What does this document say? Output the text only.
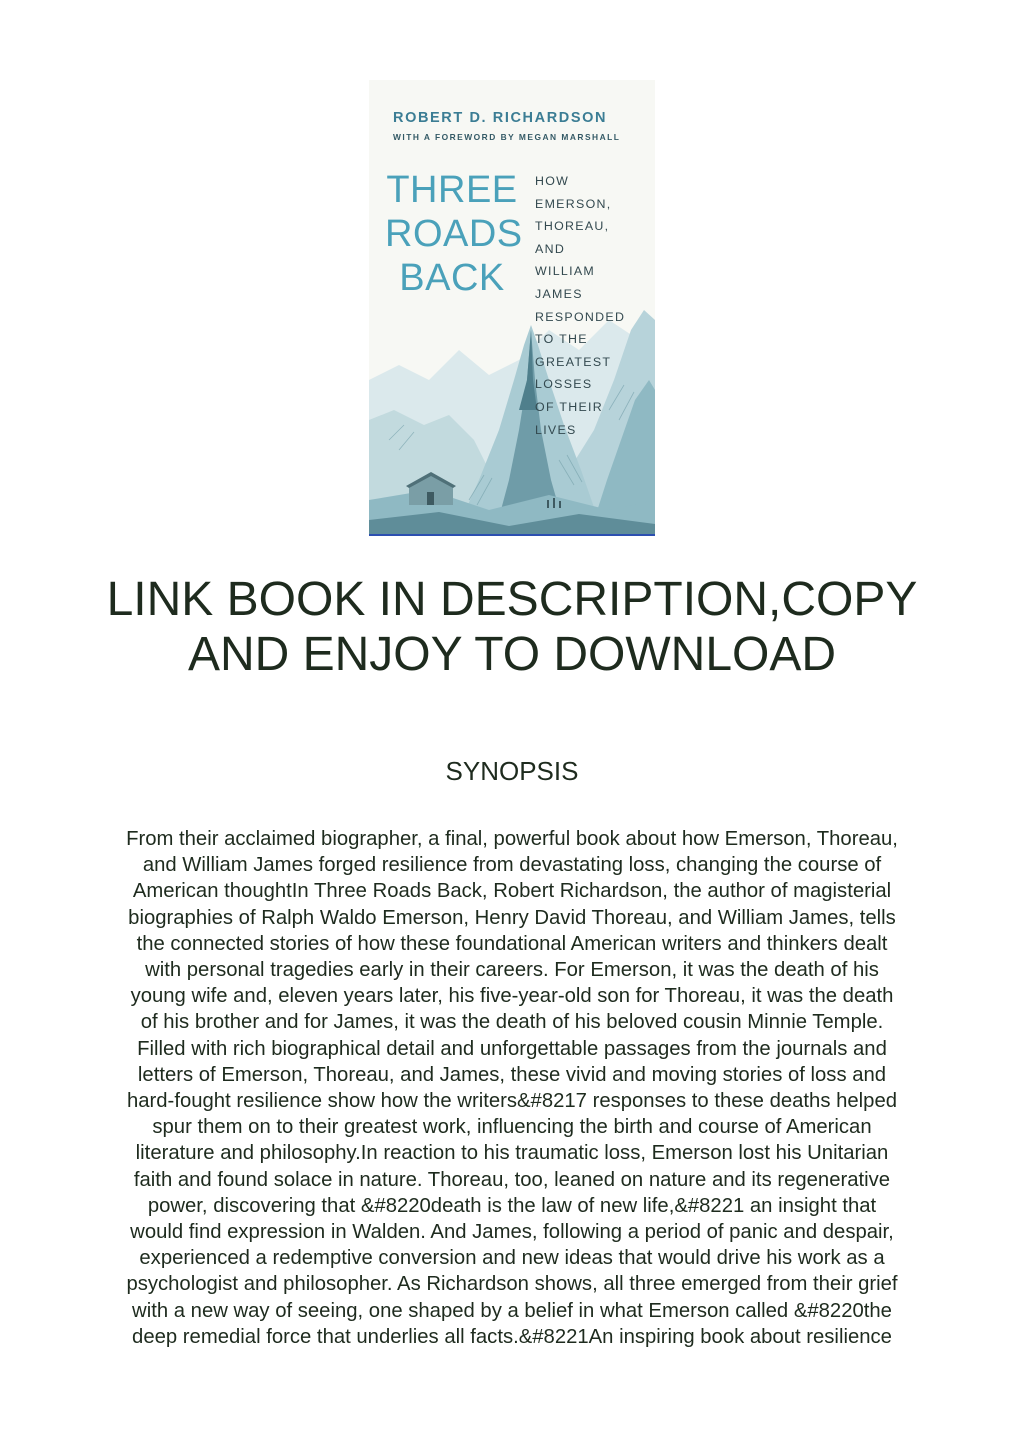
ROBERT D. RICHARDSON
WITH A FOREWORD BY MEGAN MARSHALL
THREE
ROADS
BACK
HOW
EMERSON,
THOREAU,
AND
WILLIAM
JAMES
RESPONDED
TO THE
GREATEST
LOSSES
OF THEIR
LIVES
LINK BOOK IN DESCRIPTION,COPY
AND ENJOY TO DOWNLOAD
SYNOPSIS
From their acclaimed biographer, a final, powerful book about how Emerson, Thoreau,
and William James forged resilience from devastating loss, changing the course of
American thoughtIn Three Roads Back, Robert Richardson, the author of magisterial
biographies of Ralph Waldo Emerson, Henry David Thoreau, and William James, tells
the connected stories of how these foundational American writers and thinkers dealt
with personal tragedies early in their careers. For Emerson, it was the death of his
young wife and, eleven years later, his five-year-old son for Thoreau, it was the death
of his brother and for James, it was the death of his beloved cousin Minnie Temple.
Filled with rich biographical detail and unforgettable passages from the journals and
letters of Emerson, Thoreau, and James, these vivid and moving stories of loss and
hard-fought resilience show how the writers&#8217 responses to these deaths helped
spur them on to their greatest work, influencing the birth and course of American
literature and philosophy.In reaction to his traumatic loss, Emerson lost his Unitarian
faith and found solace in nature. Thoreau, too, leaned on nature and its regenerative
power, discovering that &#8220death is the law of new life,&#8221 an insight that
would find expression in Walden. And James, following a period of panic and despair,
experienced a redemptive conversion and new ideas that would drive his work as a
psychologist and philosopher. As Richardson shows, all three emerged from their grief
with a new way of seeing, one shaped by a belief in what Emerson called &#8220the
deep remedial force that underlies all facts.&#8221An inspiring book about resilience
